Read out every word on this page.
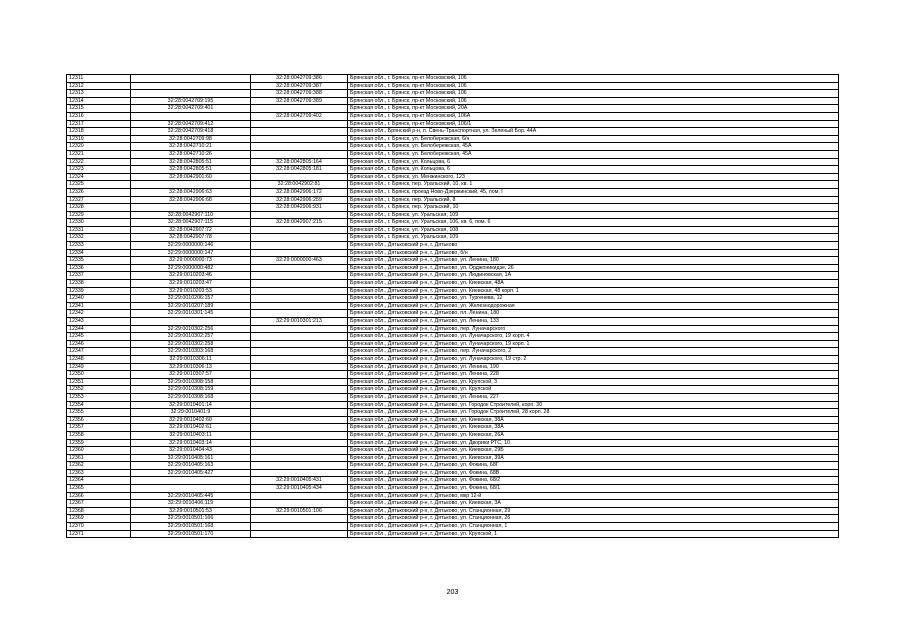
12311		32:28:0042709:386	Брянская обл., г. Брянск, пр-кт Московский, 106
12312		32:28:0042709:387	Брянская обл., г. Брянск, пр-кт Московский, 106
12313		32:28:0042709:388	Брянская обл., г. Брянск, пр-кт Московский, 106
12314	32:28:0042709:195	32:28:0042709:389	Брянская обл., г. Брянск, пр-кт Московский, 106
12315	32:28:0042709:401		Брянская обл., г. Брянск, пр-кт Московский, 20А
12316		32:28:0042709:402	Брянская обл., г. Брянск, пр-кт Московский, 106А
12317	32:28:0042709:412		Брянская обл., г. Брянск, пр-кт Московский, 106/1
12318	32:28:0042709:418		Брянская обл., Брянский р-н, п. Свень-Транспортная, ул. Зеленый Бор, 44А
12319	32:28:0042709:98		Брянская обл., г. Брянск, ул. Белобережская, 6/н
12320	32:28:0042710:21		Брянская обл., г. Брянск, ул. Белобережская, 45А
12321	32:28:0042710:26		Брянская обл., г. Брянск, ул. Белобережская, 45А
12322	32:28:0042805:51	32:28:0042805:164	Брянская обл., г. Брянск, ул. Кольцова, 6
12323	32:28:0042805:51	32:28:0042805:181	Брянская обл., г. Брянск, ул. Кольцова, 6
12324	32:28:0042901:60		Брянская обл., г. Брянск, ул. Менжинского, 123
12325		32:28:0042902:81	Брянская обл., г. Брянск, пер. Уральский, 10, кв. 1
12326	32:28:0042906:63	32:28:0042906:172	Брянская обл., г. Брянск, проезд Ново-Дзержинский, 45, пом. I
12327	32:28:0042906:68	32:28:0042906:259	Брянская обл., г. Брянск, пер. Уральский, 8
12328		32:28:0042906:931	Брянская обл., г. Брянск, пер. Уральский, 10
12329	32:28:0042907:110		Брянская обл., г. Брянск, ул. Уральская, 109
12330	32:28:0042907:115	32:28:0042907:215	Брянская обл., г. Брянск, ул. Уральская, 106, кв. 6, пом. 6
12331	32:28:0042907:72		Брянская обл., г. Брянск, ул. Уральская, 108
12332	32:28:0042907:78		Брянская обл., г. Брянск, ул. Уральская, 109
12333	32:29:0000000:146		Брянская обл., Дятьковский р-н, г. Дятьково
12334	32:29:0000000:147		Брянская обл., Дятьковский р-н, г. Дятьково, б/н
12335	32:29:0000000:73	32:29:0000000:463	Брянская обл., Дятьковский р-н, г. Дятьково, ул. Ленина, 180
12336	32:29:0000000:482		Брянская обл., Дятьковский р-н, г. Дятьково, ул. Орджоникидзе, 26
12337	32:29:0010203:46		Брянская обл., Дятьковский р-н, г. Дятьково, ул. Людиновская, 1А
12338	32:29:0010203:47		Брянская обл., Дятьковский р-н, г. Дятьково, ул. Киевская, 48А
12339	32:29:0010203:53		Брянская обл., Дятьковский р-н, г. Дятьково, ул. Киевская, 48 корп. 1
12340	32:29:0010206:157		Брянская обл., Дятьковский р-н, г. Дятьково, ул. Тургенева, 12
12341	32:29:0010207:189		Брянская обл., Дятьковский р-н, г. Дятьково, ул. Железнодорожная
12342	32:29:0010301:145		Брянская обл., Дятьковский р-н, г. Дятьково, пл. Ленина, 180
12343		32:29:0010301:213	Брянская обл., Дятьковский р-н, г. Дятьково, ул. Ленина, 133
12344	32:29:0010302:256		Брянская обл., Дятьковский р-н, г. Дятьково, пер. Луначарского
12345	32:29:0010302:257		Брянская обл., Дятьковский р-н, г. Дятьково, ул. Луначарского, 19 корп. 4
12346	32:29:0010302:258		Брянская обл., Дятьковский р-н, г. Дятьково, ул. Луначарского, 19 корп. 1
12347	32:29:0010303:168		Брянская обл., Дятьковский р-н, г. Дятьково, пер. Луначарского, 2
12348	32:29:0010306:11		Брянская обл., Дятьковский р-н, г. Дятьково, ул. Луначарского, 19 стр. 2
12349	32:29:0010306:13		Брянская обл., Дятьковский р-н, г. Дятьково, ул. Ленина, 190
12350	32:29:0010307:57		Брянская обл., Дятьковский р-н, г. Дятьково, ул. Ленина, 228
12351	32:29:0010308:158		Брянская обл., Дятьковский р-н, г. Дятьково, ул. Крупской, 3
12352	32:29:0010308:159		Брянская обл., Дятьковский р-н, г. Дятьково, ул. Крупской
12353	32:29:0010308:168		Брянская обл., Дятьковский р-н, г. Дятьково, ул. Ленина, 227
12354	32:29:0010401:14		Брянская обл., Дятьковский р-н, г. Дятьково, ул. Городок Строителей, корп. 30
12355	32:29:0010401:9		Брянская обл., Дятьковский р-н, г. Дятьково, ул. Городок Строителей, 28 корп. 28
12356	32:29:0010402:60		Брянская обл., Дятьковский р-н, г. Дятьково, ул. Киевская, 38А
12357	32:29:0010402:61		Брянская обл., Дятьковский р-н, г. Дятьково, ул. Киевская, 38А
12358	32:29:0010403:11		Брянская обл., Дятьковский р-н, г. Дятьково, ул. Киевская, 26А
12359	32:29:0010403:14		Брянская обл., Дятьковский р-н, г. Дятьково, ул. Дворики РТС, 10
12360	32:29:0010404:43		Брянская обл., Дятьковский р-н, г. Дятьково, ул. Киевская, 29Б
12361	32:29:0010405:161		Брянская обл., Дятьковский р-н, г. Дятьково, ул. Киевская, 39А
12362	32:29:0010405:163		Брянская обл., Дятьковский р-н, г. Дятьково, ул. Фокина, 68Г
12363	32:29:0010405:427		Брянская обл., Дятьковский р-н, г. Дятьково, ул. Фокина, 68В
12364		32:29:0010405:431	Брянская обл., Дятьковский р-н, г. Дятьково, ул. Фокина, 68/2
12365		32:29:0010405:434	Брянская обл., Дятьковский р-н, г. Дятьково, ул. Фокина, 68/1
12366	32:29:0010405:445		Брянская обл., Дятьковский р-н, г. Дятьково, мкр 12-й
12367	32:29:0010406:119		Брянская обл., Дятьковский р-н, г. Дятьково, ул. Киевская, 3А
12368	32:29:0010501:53	32:29:0010501:106	Брянская обл., Дятьковский р-н, г. Дятьково, ул. Станционная, 29
12369	32:29:0010501:166		Брянская обл., Дятьковский р-н, г. Дятьково, ул. Станционная, 26
12370	32:29:0010501:168		Брянская обл., Дятьковский р-н, г. Дятьково, ул. Станционная, 1
12371	32:29:0010501:170		Брянская обл., Дятьковский р-н, г. Дятьково, ул. Крупской, 1
203
